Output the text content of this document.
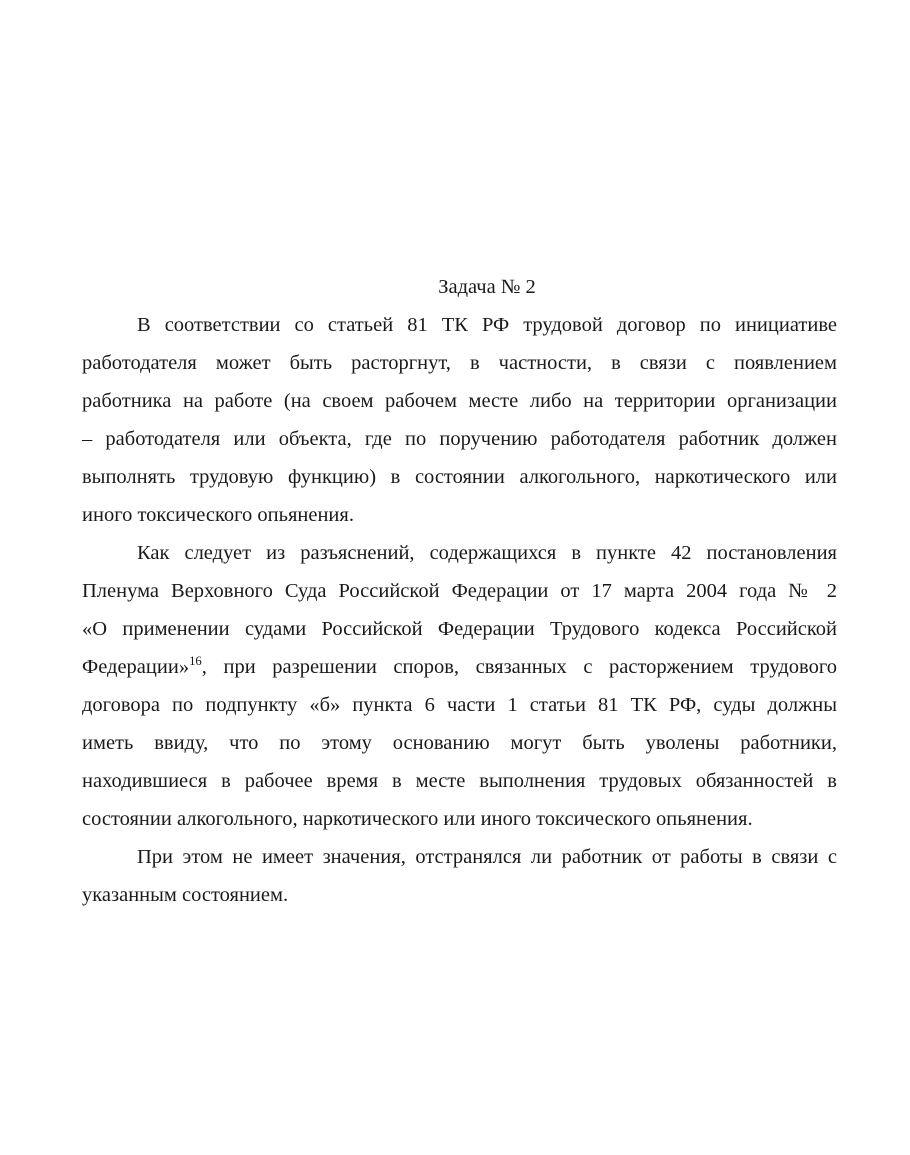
Задача № 2
В соответствии со статьей 81 ТК РФ трудовой договор по инициативе
работодателя может быть расторгнут, в частности, в связи с появлением
работника на работе (на своем рабочем месте либо на территории организации
– работодателя или объекта, где по поручению работодателя работник должен
выполнять трудовую функцию) в состоянии алкогольного, наркотического или
иного токсического опьянения.
Как следует из разъяснений, содержащихся в пункте 42 постановления
Пленума Верховного Суда Российской Федерации от 17 марта 2004 года № 2
«О применении судами Российской Федерации Трудового кодекса Российской
Федерации»$^{16}$, при разрешении споров, связанных с расторжением трудового
договора по подпункту «б» пункта 6 части 1 статьи 81 ТК РФ, суды должны
иметь ввиду, что по этому основанию могут быть уволены работники,
находившиеся в рабочее время в месте выполнения трудовых обязанностей в
состоянии алкогольного, наркотического или иного токсического опьянения.
При этом не имеет значения, отстранялся ли работник от работы в связи с
указанным состоянием.
